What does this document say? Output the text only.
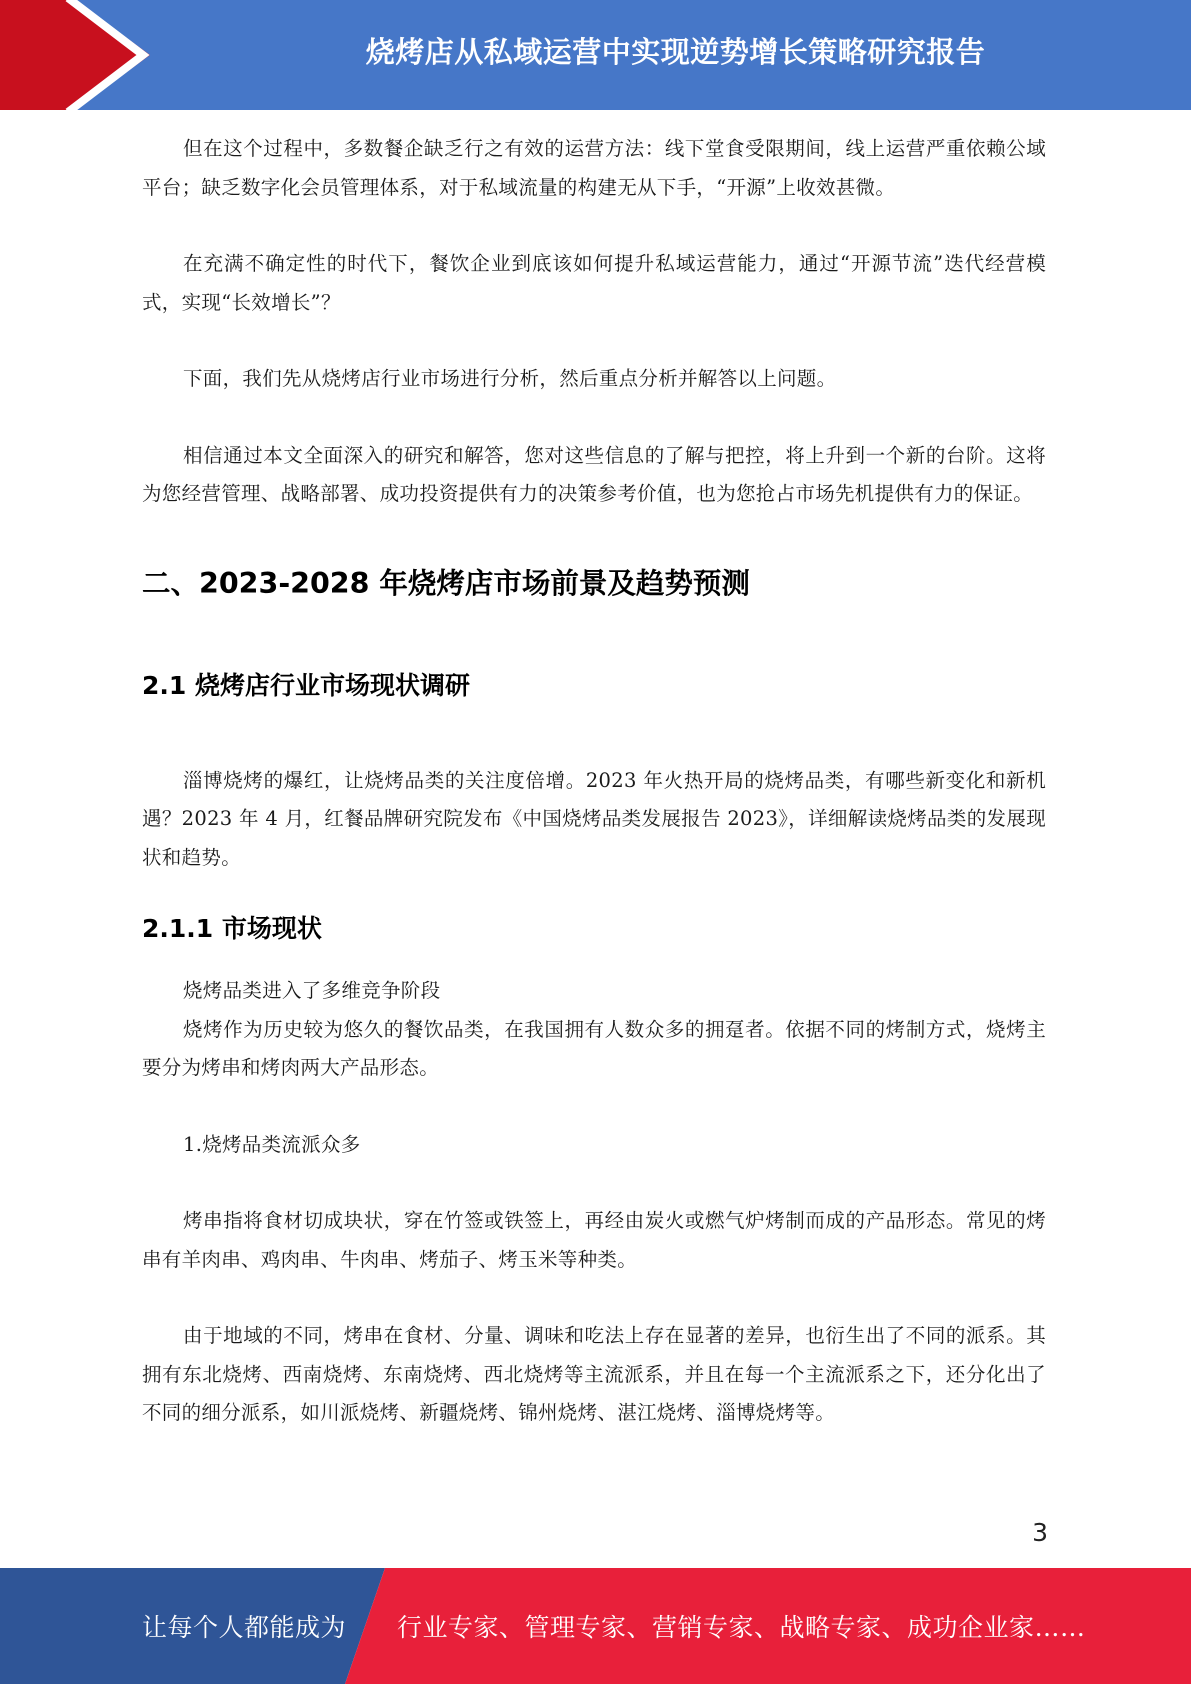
烧烤店从私域运营中实现逆势增长策略研究报告

但在这个过程中，多数餐企缺乏行之有效的运营方法：线下堂食受限期间，线上运营严重依赖公域平台；缺乏数字化会员管理体系，对于私域流量的构建无从下手，“开源”上收效甚微。

在充满不确定性的时代下，餐饮企业到底该如何提升私域运营能力，通过“开源节流”迭代经营模式，实现“长效增长”？

下面，我们先从烧烤店行业市场进行分析，然后重点分析并解答以上问题。

相信通过本文全面深入的研究和解答，您对这些信息的了解与把控，将上升到一个新的台阶。这将为您经营管理、战略部署、成功投资提供有力的决策参考价值，也为您抢占市场先机提供有力的保证。

二、2023-2028 年烧烤店市场前景及趋势预测
2.1 烧烤店行业市场现状调研

淄博烧烤的爆红，让烧烤品类的关注度倍增。2023 年火热开局的烧烤品类，有哪些新变化和新机遇？2023 年 4 月，红餐品牌研究院发布《中国烧烤品类发展报告 2023》，详细解读烧烤品类的发展现状和趋势。

2.1.1 市场现状

烧烤品类进入了多维竞争阶段

烧烤作为历史较为悠久的餐饮品类，在我国拥有人数众多的拥趸者。依据不同的烤制方式，烧烤主要分为烤串和烤肉两大产品形态。

1.烧烤品类流派众多

烤串指将食材切成块状，穿在竹签或铁签上，再经由炭火或燃气炉烤制而成的产品形态。常见的烤串有羊肉串、鸡肉串、牛肉串、烤茄子、烤玉米等种类。

由于地域的不同，烤串在食材、分量、调味和吃法上存在显著的差异，也衍生出了不同的派系。其拥有东北烧烤、西南烧烤、东南烧烤、西北烧烤等主流派系，并且在每一个主流派系之下，还分化出了不同的细分派系，如川派烧烤、新疆烧烤、锦州烧烤、湛江烧烤、淄博烧烤等。

3
让每个人都能成为 行业专家、管理专家、营销专家、战略专家、成功企业家……
